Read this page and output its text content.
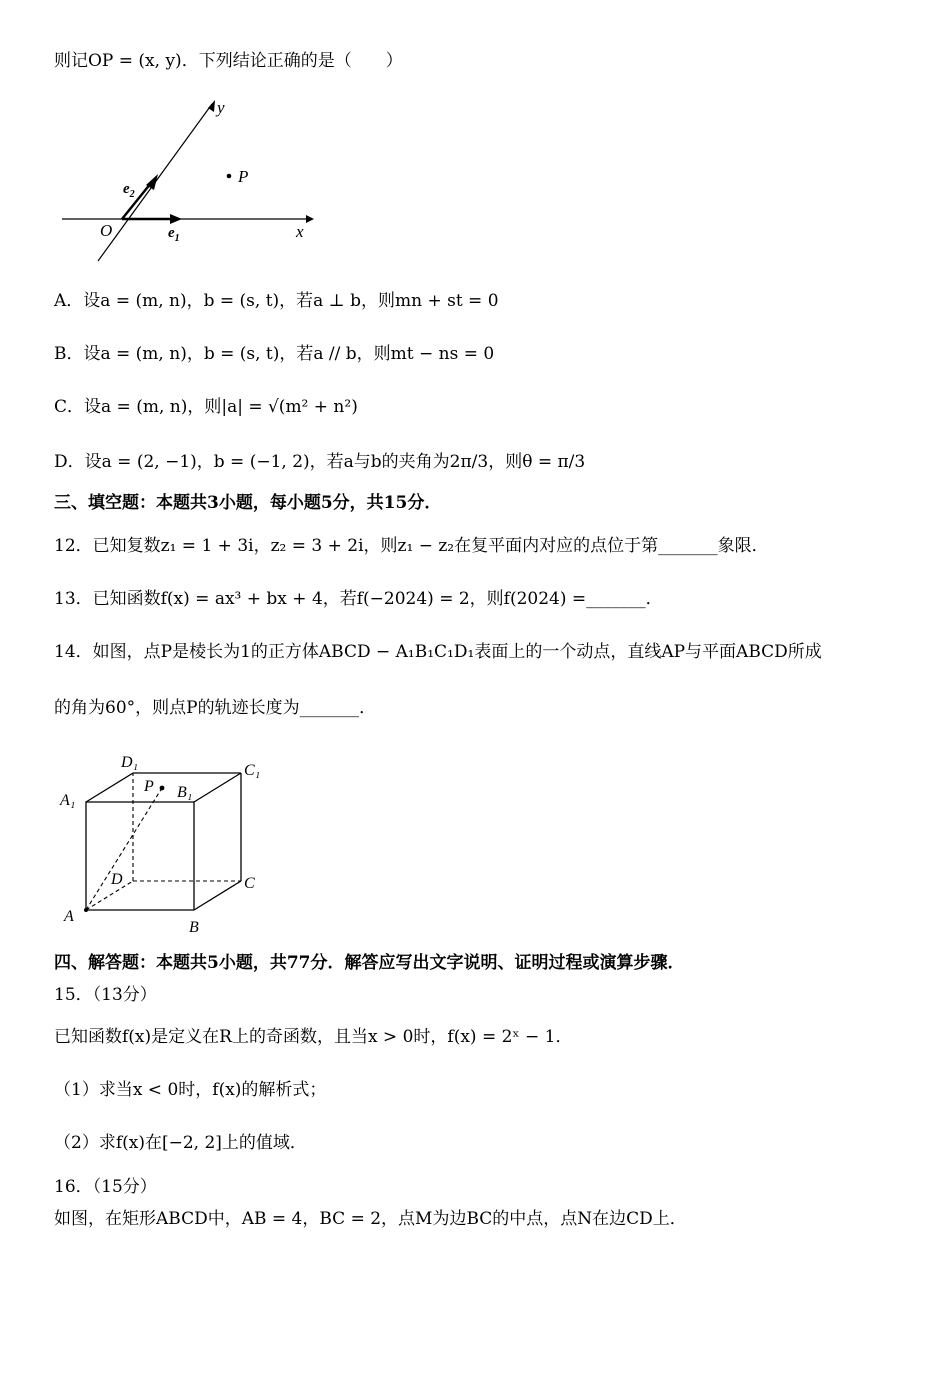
则记OP = (x, y)．下列结论正确的是（　　）
y
P
$e_2$
O	$e_1$	x
A．设a = (m, n)，b = (s, t)，若a ⊥ b，则mn + st = 0
B．设a = (m, n)，b = (s, t)，若a // b，则mt − ns = 0
C．设a = (m, n)，则|a| = √(m² + n²)
D．设a = (2, −1)，b = (−1, 2)，若a与b的夹角为2π/3，则θ = π/3
三、填空题：本题共3小题，每小题5分，共15分．
12．已知复数z₁ = 1 + 3i，z₂ = 3 + 2i，则z₁ − z₂在复平面内对应的点位于第_______象限．
13．已知函数f(x) = ax³ + bx + 4，若f(−2024) = 2，则f(2024) =_______．
14．如图，点P是棱长为1的正方体ABCD − A₁B₁C₁D₁表面上的一个动点，直线AP与平面ABCD所成
的角为60°，则点P的轨迹长度为_______．
D₁	C₁
A₁
P B₁
D	C
A
B
四、解答题：本题共5小题，共77分．解答应写出文字说明、证明过程或演算步骤．
15．（13分）
已知函数f(x)是定义在R上的奇函数，且当x > 0时，f(x) = 2ˣ − 1．
（1）求当x < 0时，f(x)的解析式；
（2）求f(x)在[−2, 2]上的值域．
16．（15分）
如图，在矩形ABCD中，AB = 4，BC = 2，点M为边BC的中点，点N在边CD上．
